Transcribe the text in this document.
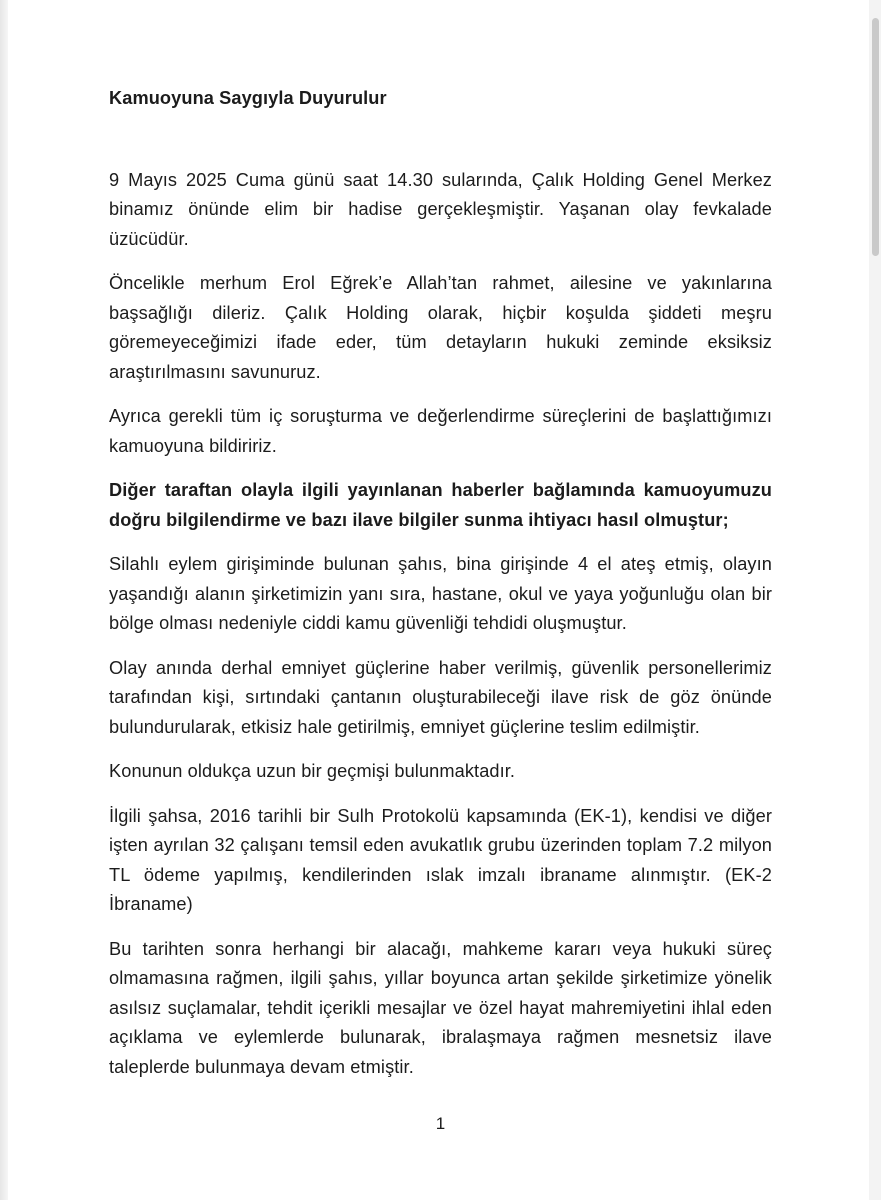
Kamuoyuna Saygıyla Duyurulur

9 Mayıs 2025 Cuma günü saat 14.30 sularında, Çalık Holding Genel Merkez binamız önünde elim bir hadise gerçekleşmiştir. Yaşanan olay fevkalade üzücüdür.

Öncelikle merhum Erol Eğrek’e Allah’tan rahmet, ailesine ve yakınlarına başsağlığı dileriz. Çalık Holding olarak, hiçbir koşulda şiddeti meşru göremeyeceğimizi ifade eder, tüm detayların hukuki zeminde eksiksiz araştırılmasını savunuruz.

Ayrıca gerekli tüm iç soruşturma ve değerlendirme süreçlerini de başlattığımızı kamuoyuna bildiririz.

Diğer taraftan olayla ilgili yayınlanan haberler bağlamında kamuoyumuzu doğru bilgilendirme ve bazı ilave bilgiler sunma ihtiyacı hasıl olmuştur;

Silahlı eylem girişiminde bulunan şahıs, bina girişinde 4 el ateş etmiş, olayın yaşandığı alanın şirketimizin yanı sıra, hastane, okul ve yaya yoğunluğu olan bir bölge olması nedeniyle ciddi kamu güvenliği tehdidi oluşmuştur.

Olay anında derhal emniyet güçlerine haber verilmiş, güvenlik personellerimiz tarafından kişi, sırtındaki çantanın oluşturabileceği ilave risk de göz önünde bulundurularak, etkisiz hale getirilmiş, emniyet güçlerine teslim edilmiştir.

Konunun oldukça uzun bir geçmişi bulunmaktadır.

İlgili şahsa, 2016 tarihli bir Sulh Protokolü kapsamında (EK-1), kendisi ve diğer işten ayrılan 32 çalışanı temsil eden avukatlık grubu üzerinden toplam 7.2 milyon TL ödeme yapılmış, kendilerinden ıslak imzalı ibraname alınmıştır. (EK-2 İbraname)

Bu tarihten sonra herhangi bir alacağı, mahkeme kararı veya hukuki süreç olmamasına rağmen, ilgili şahıs, yıllar boyunca artan şekilde şirketimize yönelik asılsız suçlamalar, tehdit içerikli mesajlar ve özel hayat mahremiyetini ihlal eden açıklama ve eylemlerde bulunarak, ibralaşmaya rağmen mesnetsiz ilave taleplerde bulunmaya devam etmiştir.

1
